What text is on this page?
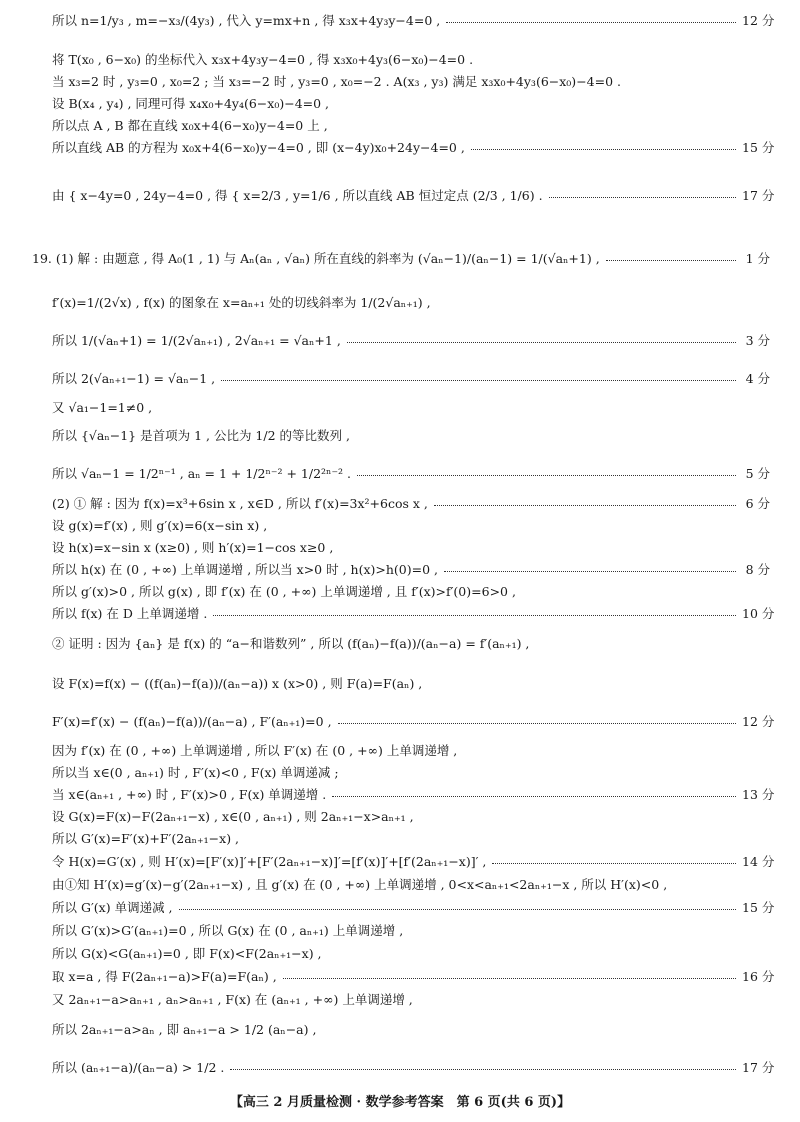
所以 n=1/y₃ , m=−x₃/(4y₃) , 代入 y=mx+n , 得 x₃x+4y₃y−4=0 ,	12 分
将 T(x₀ , 6−x₀) 的坐标代入 x₃x+4y₃y−4=0 , 得 x₃x₀+4y₃(6−x₀)−4=0 .
当 x₃=2 时 , y₃=0 , x₀=2 ; 当 x₃=−2 时 , y₃=0 , x₀=−2 . A(x₃ , y₃) 满足 x₃x₀+4y₃(6−x₀)−4=0 .
设 B(x₄ , y₄) , 同理可得 x₄x₀+4y₄(6−x₀)−4=0 ,
所以点 A , B 都在直线 x₀x+4(6−x₀)y−4=0 上 ,
所以直线 AB 的方程为 x₀x+4(6−x₀)y−4=0 , 即 (x−4y)x₀+24y−4=0 ,	15 分
由 { x−4y=0 , 24y−4=0 , 得 { x=2/3 , y=1/6 , 所以直线 AB 恒过定点 (2/3 , 1/6) .	17 分
19. (1) 解 : 由题意 , 得 A₀(1 , 1) 与 Aₙ(aₙ , √aₙ) 所在直线的斜率为 (√aₙ−1)/(aₙ−1) = 1/(√aₙ+1) ,	1 分
f′(x)=1/(2√x) , f(x) 的图象在 x=aₙ₊₁ 处的切线斜率为 1/(2√aₙ₊₁) ,
所以 1/(√aₙ+1) = 1/(2√aₙ₊₁) , 2√aₙ₊₁ = √aₙ+1 ,	3 分
所以 2(√aₙ₊₁−1) = √aₙ−1 ,	4 分
又 √a₁−1=1≠0 ,
所以 {√aₙ−1} 是首项为 1 , 公比为 1/2 的等比数列 ,
所以 √aₙ−1 = 1/2ⁿ⁻¹ , aₙ = 1 + 1/2ⁿ⁻² + 1/2²ⁿ⁻² .	5 分
(2) ① 解 : 因为 f(x)=x³+6sin x , x∈D , 所以 f′(x)=3x²+6cos x ,	6 分
设 g(x)=f′(x) , 则 g′(x)=6(x−sin x) ,
设 h(x)=x−sin x (x≥0) , 则 h′(x)=1−cos x≥0 ,
所以 h(x) 在 (0 , +∞) 上单调递增 , 所以当 x>0 时 , h(x)>h(0)=0 ,	8 分
所以 g′(x)>0 , 所以 g(x) , 即 f′(x) 在 (0 , +∞) 上单调递增 , 且 f′(x)>f′(0)=6>0 ,
所以 f(x) 在 D 上单调递增 .	10 分
② 证明 : 因为 {aₙ} 是 f(x) 的 “a−和谐数列” , 所以 (f(aₙ)−f(a))/(aₙ−a) = f′(aₙ₊₁) ,
设 F(x)=f(x) − ((f(aₙ)−f(a))/(aₙ−a)) x (x>0) , 则 F(a)=F(aₙ) ,
F′(x)=f′(x) − (f(aₙ)−f(a))/(aₙ−a) , F′(aₙ₊₁)=0 ,	12 分
因为 f′(x) 在 (0 , +∞) 上单调递增 , 所以 F′(x) 在 (0 , +∞) 上单调递增 ,
所以当 x∈(0 , aₙ₊₁) 时 , F′(x)<0 , F(x) 单调递减 ;
当 x∈(aₙ₊₁ , +∞) 时 , F′(x)>0 , F(x) 单调递增 .	13 分
设 G(x)=F(x)−F(2aₙ₊₁−x) , x∈(0 , aₙ₊₁) , 则 2aₙ₊₁−x>aₙ₊₁ ,
所以 G′(x)=F′(x)+F′(2aₙ₊₁−x) ,
令 H(x)=G′(x) , 则 H′(x)=[F′(x)]′+[F′(2aₙ₊₁−x)]′=[f′(x)]′+[f′(2aₙ₊₁−x)]′ ,	14 分
由①知 H′(x)=g′(x)−g′(2aₙ₊₁−x) , 且 g′(x) 在 (0 , +∞) 上单调递增 , 0<x<aₙ₊₁<2aₙ₊₁−x , 所以 H′(x)<0 ,
所以 G′(x) 单调递减 ,	15 分
所以 G′(x)>G′(aₙ₊₁)=0 , 所以 G(x) 在 (0 , aₙ₊₁) 上单调递增 ,
所以 G(x)<G(aₙ₊₁)=0 , 即 F(x)<F(2aₙ₊₁−x) ,
取 x=a , 得 F(2aₙ₊₁−a)>F(a)=F(aₙ) ,	16 分
又 2aₙ₊₁−a>aₙ₊₁ , aₙ>aₙ₊₁ , F(x) 在 (aₙ₊₁ , +∞) 上单调递增 ,
所以 2aₙ₊₁−a>aₙ , 即 aₙ₊₁−a > 1/2 (aₙ−a) ,
所以 (aₙ₊₁−a)/(aₙ−a) > 1/2 .	17 分
【高三 2 月质量检测 · 数学参考答案　第 6 页(共 6 页)】
